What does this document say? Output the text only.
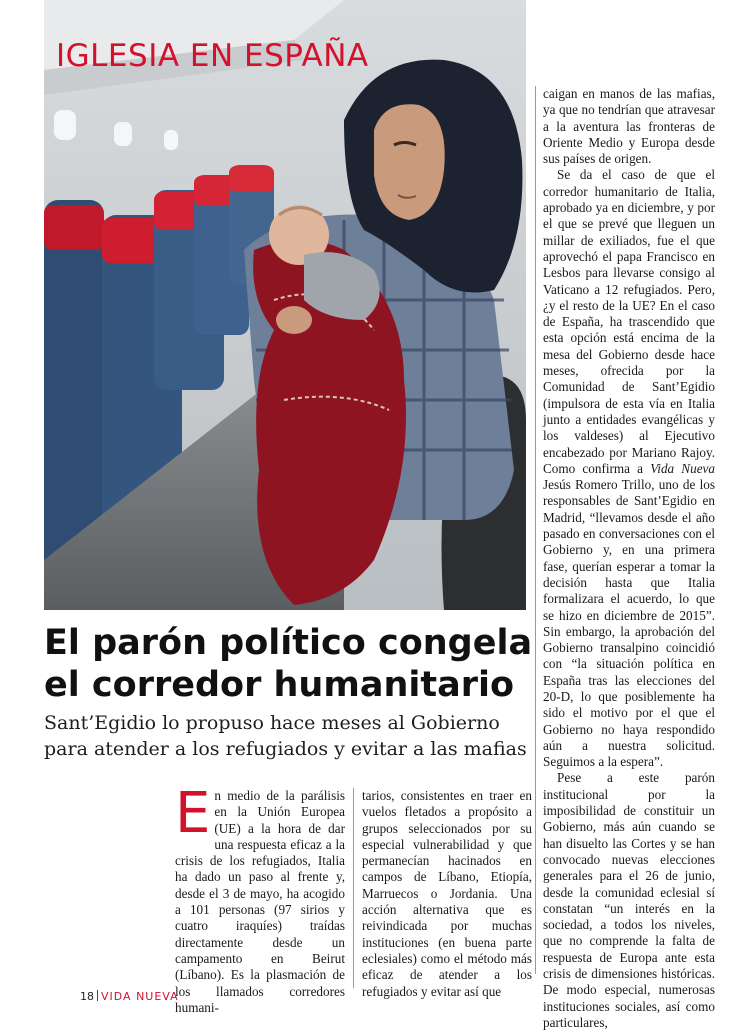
IGLESIA EN ESPAÑA
El parón político congela el corredor humanitario

Sant’Egidio lo propuso hace meses al Gobierno para atender a los refugiados y evitar a las mafias

En medio de la parálisis en la Unión Europea (UE) a la hora de dar una respuesta eficaz a la crisis de los refugiados, Italia ha dado un paso al frente y, desde el 3 de mayo, ha acogido a 101 personas (97 sirios y cuatro iraquíes) traídas directamente desde un campamento en Beirut (Líbano). Es la plasmación de los llamados corredores humani-

tarios, consistentes en traer en vuelos fletados a propósito a grupos seleccionados por su especial vulnerabilidad y que permanecían hacinados en campos de Líbano, Etiopía, Marruecos o Jordania. Una acción alternativa que es reivindicada por muchas instituciones (en buena parte eclesiales) como el método más eficaz de atender a los refugiados y evitar así que

caigan en manos de las mafias, ya que no tendrían que atravesar a la aventura las fronteras de Oriente Medio y Europa desde sus países de origen.

Se da el caso de que el corredor humanitario de Italia, aprobado ya en diciembre, y por el que se prevé que lleguen un millar de exiliados, fue el que aprovechó el papa Francisco en Lesbos para llevarse consigo al Vaticano a 12 refugiados. Pero, ¿y el resto de la UE? En el caso de España, ha trascendido que esta opción está encima de la mesa del Gobierno desde hace meses, ofrecida por la Comunidad de Sant’Egidio (impulsora de esta vía en Italia junto a entidades evangélicas y los valdeses) al Ejecutivo encabezado por Mariano Rajoy. Como confirma a Vida Nueva Jesús Romero Trillo, uno de los responsables de Sant’Egidio en Madrid, “llevamos desde el año pasado en conversaciones con el Gobierno y, en una primera fase, querían esperar a tomar la decisión hasta que Italia formalizara el acuerdo, lo que se hizo en diciembre de 2015”. Sin embargo, la aprobación del Gobierno transalpino coincidió con “la situación política en España tras las elecciones del 20-D, lo que posiblemente ha sido el motivo por el que el Gobierno no haya respondido aún a nuestra solicitud. Seguimos a la espera”.

Pese a este parón institucional por la imposibilidad de constituir un Gobierno, más aún cuando se han disuelto las Cortes y se han convocado nuevas elecciones generales para el 26 de junio, desde la comunidad eclesial sí constatan “un interés en la sociedad, a todos los niveles, que no comprende la falta de respuesta de Europa ante esta crisis de dimensiones históricas. De modo especial, numerosas instituciones sociales, así como particulares,

18 VIDA NUEVA
